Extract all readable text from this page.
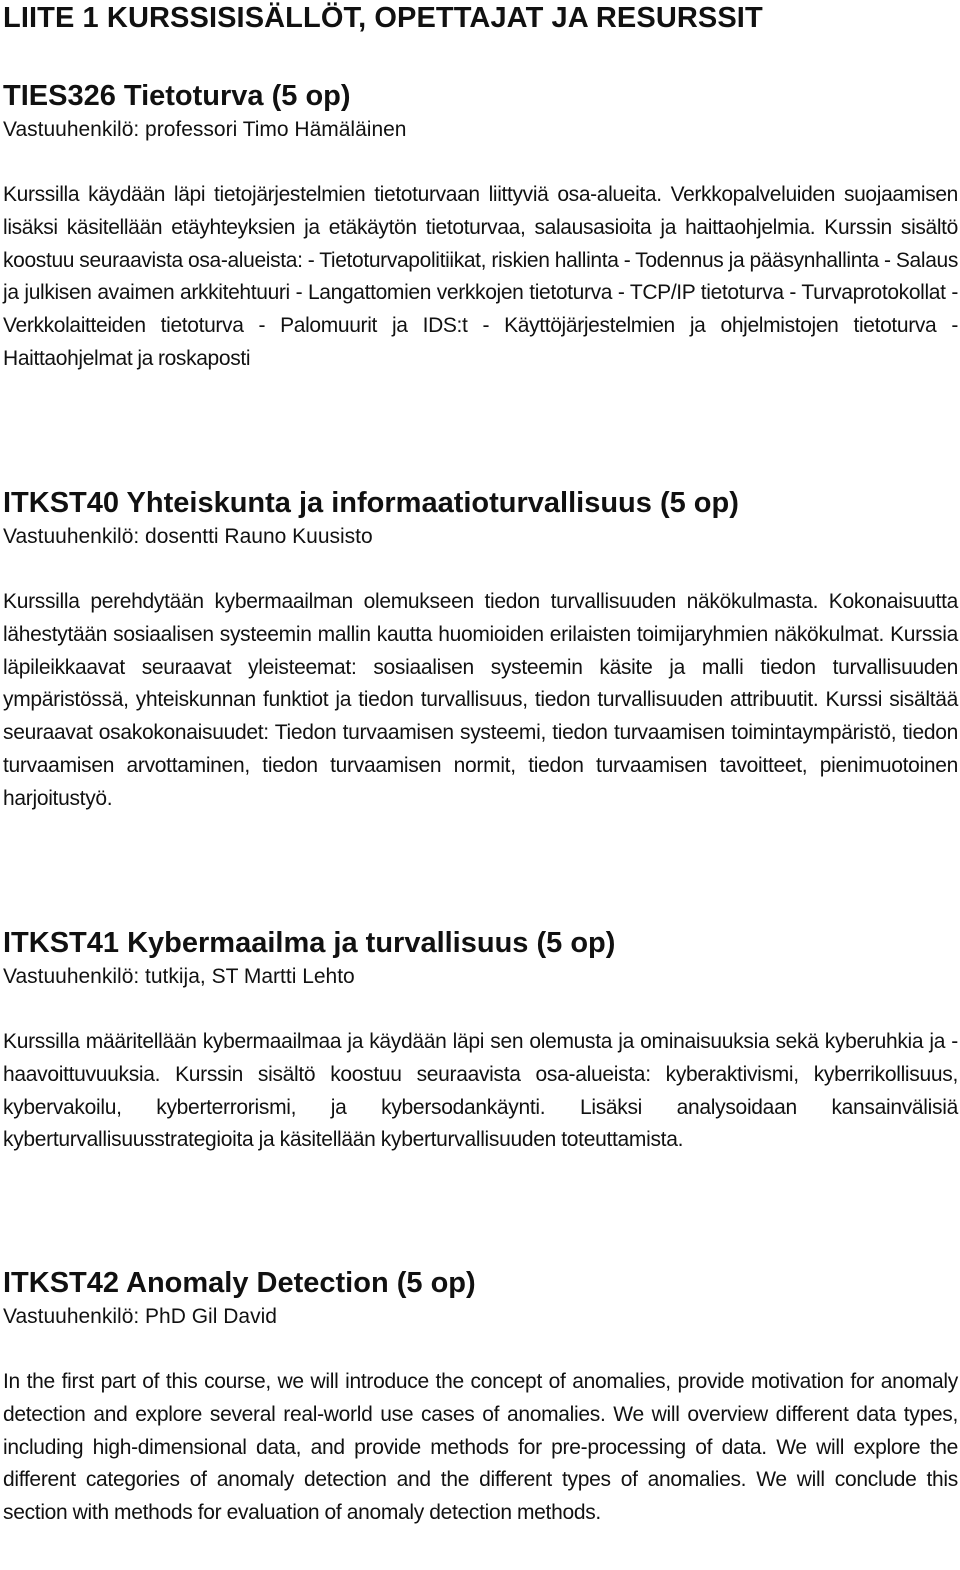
LIITE 1 KURSSISISÄLLÖT, OPETTAJAT JA RESURSSIT
TIES326 Tietoturva (5 op)

Vastuuhenkilö: professori Timo Hämäläinen

Kurssilla käydään läpi tietojärjestelmien tietoturvaan liittyviä osa-alueita. Verkkopalveluiden suojaamisen lisäksi käsitellään etäyhteyksien ja etäkäytön tietoturvaa, salausasioita ja haittaohjelmia. Kurssin sisältö koostuu seuraavista osa-alueista: - Tietoturvapolitiikat, riskien hallinta - Todennus ja pääsynhallinta - Salaus ja julkisen avaimen arkkitehtuuri - Langattomien verkkojen tietoturva - TCP/IP tietoturva - Turvaprotokollat - Verkkolaitteiden tietoturva - Palomuurit ja IDS:t - Käyttöjärjestelmien ja ohjelmistojen tietoturva - Haittaohjelmat ja roskaposti

ITKST40 Yhteiskunta ja informaatioturvallisuus (5 op)

Vastuuhenkilö: dosentti Rauno Kuusisto

Kurssilla perehdytään kybermaailman olemukseen tiedon turvallisuuden näkökulmasta. Kokonaisuutta lähestytään sosiaalisen systeemin mallin kautta huomioiden erilaisten toimijaryhmien näkökulmat. Kurssia läpileikkaavat seuraavat yleisteemat: sosiaalisen systeemin käsite ja malli tiedon turvallisuuden ympäristössä, yhteiskunnan funktiot ja tiedon turvallisuus, tiedon turvallisuuden attribuutit. Kurssi sisältää seuraavat osakokonaisuudet: Tiedon turvaamisen systeemi, tiedon turvaamisen toimintaympäristö, tiedon turvaamisen arvottaminen, tiedon turvaamisen normit, tiedon turvaamisen tavoitteet, pienimuotoinen harjoitustyö.

ITKST41 Kybermaailma ja turvallisuus (5 op)

Vastuuhenkilö: tutkija, ST Martti Lehto

Kurssilla määritellään kybermaailmaa ja käydään läpi sen olemusta ja ominaisuuksia sekä kyberuhkia ja -haavoittuvuuksia. Kurssin sisältö koostuu seuraavista osa-alueista: kyberaktivismi, kyberrikollisuus, kybervakoilu, kyberterrorismi, ja kybersodankäynti. Lisäksi analysoidaan kansainvälisiä kyberturvallisuusstrategioita ja käsitellään kyberturvallisuuden toteuttamista.

ITKST42 Anomaly Detection (5 op)

Vastuuhenkilö: PhD Gil David

In the first part of this course, we will introduce the concept of anomalies, provide motivation for anomaly detection and explore several real-world use cases of anomalies. We will overview different data types, including high-dimensional data, and provide methods for pre-processing of data. We will explore the different categories of anomaly detection and the different types of anomalies. We will conclude this section with methods for evaluation of anomaly detection methods.
